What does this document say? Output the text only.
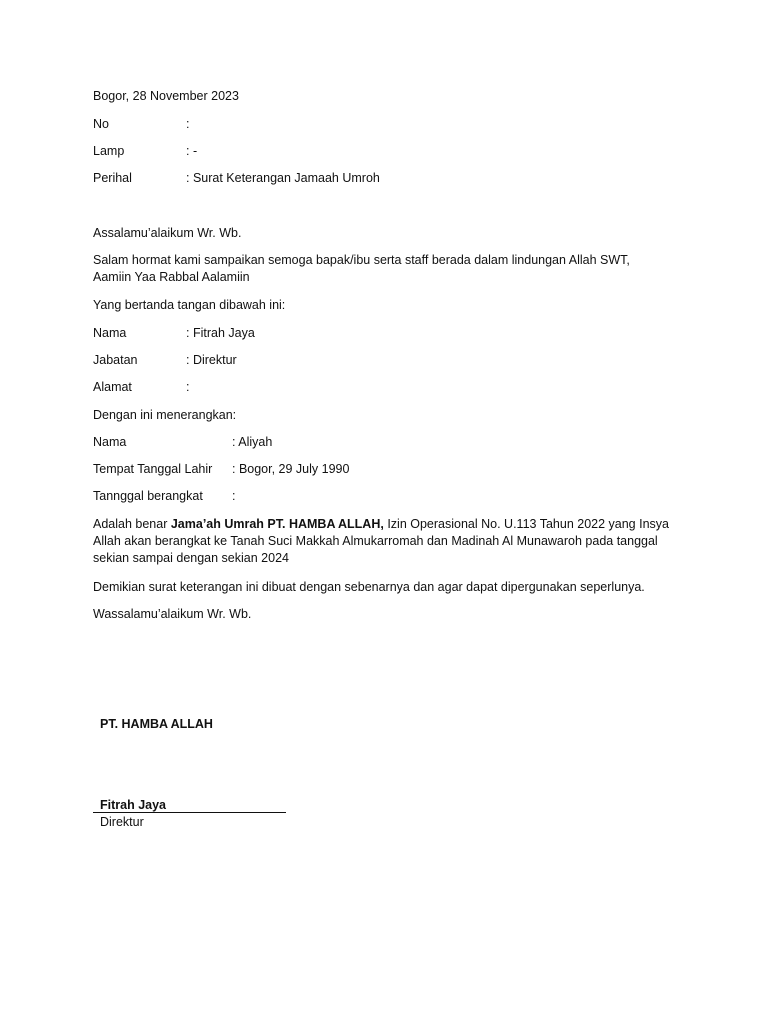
Bogor, 28 November 2023
No	:
Lamp	: -
Perihal	: Surat Keterangan Jamaah Umroh
Assalamu’alaikum Wr. Wb.
Salam hormat kami sampaikan semoga bapak/ibu serta staff berada dalam lindungan Allah SWT, Aamiin Yaa Rabbal Aalamiin
Yang bertanda tangan dibawah ini:
Nama	: Fitrah Jaya
Jabatan	: Direktur
Alamat	:
Dengan ini menerangkan:
Nama	: Aliyah
Tempat Tanggal Lahir : Bogor, 29 July 1990
Tannggal berangkat :
Adalah benar Jama’ah Umrah PT. HAMBA ALLAH, Izin Operasional No. U.113 Tahun 2022 yang Insya Allah akan berangkat ke Tanah Suci Makkah Almukarromah dan Madinah Al Munawaroh pada tanggal sekian sampai dengan sekian 2024
Demikian surat keterangan ini dibuat dengan sebenarnya dan agar dapat dipergunakan seperlunya.
Wassalamu’alaikum Wr. Wb.
PT. HAMBA ALLAH
Fitrah Jaya
Direktur
